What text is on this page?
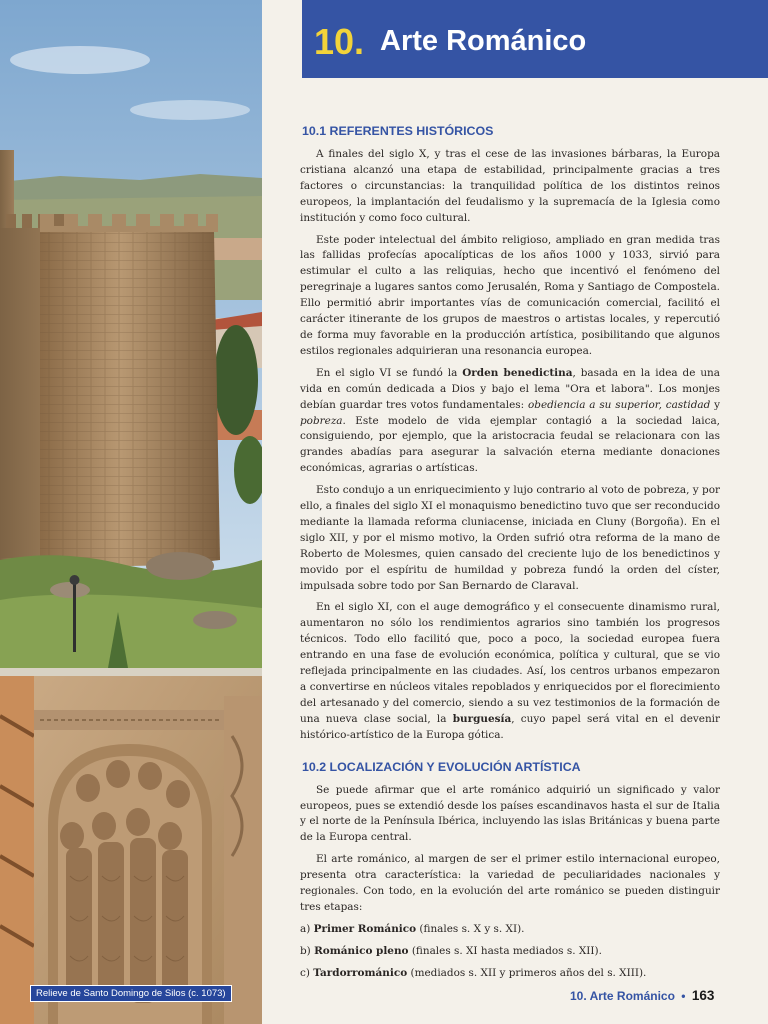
Relieve de Santo Domingo de Silos (c. 1073)
10. Arte Románico
10.1 REFERENTES HISTÓRICOS

A finales del siglo X, y tras el cese de las invasiones bárbaras, la Europa cristiana alcanzó una etapa de estabilidad, principalmente gracias a tres factores o circunstancias: la tranquilidad política de los distintos reinos europeos, la implantación del feudalismo y la supremacía de la Iglesia como institución y como foco cultural.

Este poder intelectual del ámbito religioso, ampliado en gran medida tras las fallidas profecías apocalípticas de los años 1000 y 1033, sirvió para estimular el culto a las reliquias, hecho que incentivó el fenómeno del peregrinaje a lugares santos como Jerusalén, Roma y Santiago de Compostela. Ello permitió abrir importantes vías de comunicación comercial, facilitó el carácter itinerante de los grupos de maestros o artistas locales, y repercutió de forma muy favorable en la producción artística, posibilitando que algunos estilos regionales adquirieran una resonancia europea.

En el siglo VI se fundó la Orden benedictina, basada en la idea de una vida en común dedicada a Dios y bajo el lema "Ora et labora". Los monjes debían guardar tres votos fundamentales: obediencia a su superior, castidad y pobreza. Este modelo de vida ejemplar contagió a la sociedad laica, consiguiendo, por ejemplo, que la aristocracia feudal se relacionara con las grandes abadías para asegurar la salvación eterna mediante donaciones económicas, agrarias o artísticas.

Esto condujo a un enriquecimiento y lujo contrario al voto de pobreza, y por ello, a finales del siglo XI el monaquismo benedictino tuvo que ser reconducido mediante la llamada reforma cluniacense, iniciada en Cluny (Borgoña). En el siglo XII, y por el mismo motivo, la Orden sufrió otra reforma de la mano de Roberto de Molesmes, quien cansado del creciente lujo de los benedictinos y movido por el espíritu de humildad y pobreza fundó la orden del císter, impulsada sobre todo por San Bernardo de Claraval.

En el siglo XI, con el auge demográfico y el consecuente dinamismo rural, aumentaron no sólo los rendimientos agrarios sino también los progresos técnicos. Todo ello facilitó que, poco a poco, la sociedad europea fuera entrando en una fase de evolución económica, política y cultural, que se vio reflejada principalmente en las ciudades. Así, los centros urbanos empezaron a convertirse en núcleos vitales repoblados y enriquecidos por el florecimiento del artesanado y del comercio, siendo a su vez testimonios de la formación de una nueva clase social, la burguesía, cuyo papel será vital en el devenir histórico-artístico de la Europa gótica.

10.2 LOCALIZACIÓN Y EVOLUCIÓN ARTÍSTICA

Se puede afirmar que el arte románico adquirió un significado y valor europeos, pues se extendió desde los países escandinavos hasta el sur de Italia y el norte de la Península Ibérica, incluyendo las islas Británicas y buena parte de la Europa central.

El arte románico, al margen de ser el primer estilo internacional europeo, presenta otra característica: la variedad de peculiaridades nacionales y regionales. Con todo, en la evolución del arte románico se pueden distinguir tres etapas:

a) Primer Románico (finales s. X y s. XI).
b) Románico pleno (finales s. XI hasta mediados s. XII).
c) Tardorrománico (mediados s. XII y primeros años del s. XIII).
10. Arte Románico • 163
